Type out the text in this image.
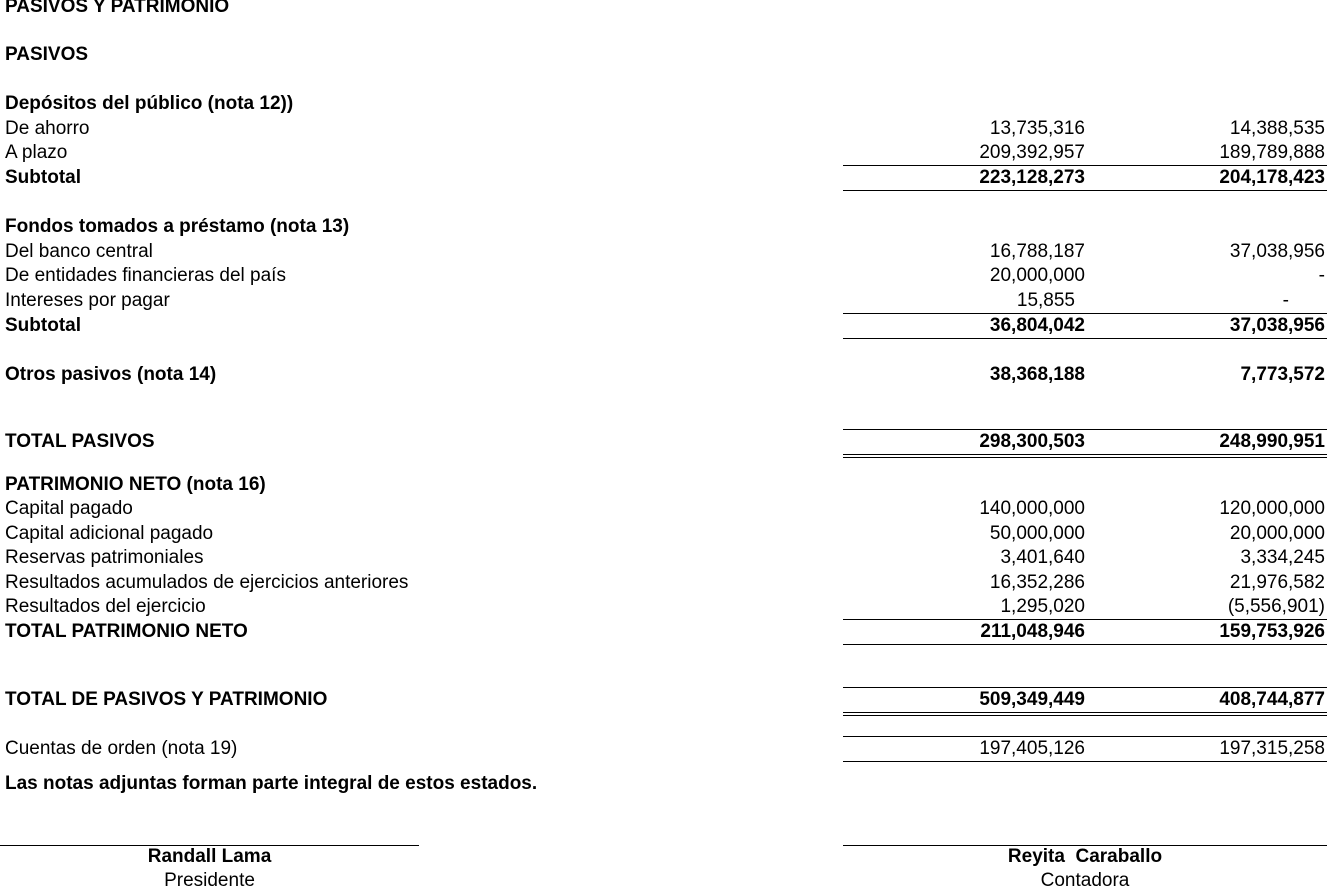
PASIVOS Y PATRIMONIO
PASIVOS
Depósitos del público (nota 12))
De ahorro	13,735,316	14,388,535
A plazo	209,392,957	189,789,888
Subtotal	223,128,273	204,178,423
Fondos tomados a préstamo (nota 13)
Del banco central	16,788,187	37,038,956
De entidades financieras del país	20,000,000	-
Intereses por pagar	15,855	-
Subtotal	36,804,042	37,038,956
Otros pasivos (nota 14)	38,368,188	7,773,572
TOTAL PASIVOS	298,300,503	248,990,951
PATRIMONIO NETO (nota 16)
Capital pagado	140,000,000	120,000,000
Capital adicional pagado	50,000,000	20,000,000
Reservas patrimoniales	3,401,640	3,334,245
Resultados acumulados de ejercicios anteriores	16,352,286	21,976,582
Resultados del ejercicio	1,295,020	(5,556,901)
TOTAL PATRIMONIO NETO	211,048,946	159,753,926
TOTAL DE PASIVOS Y PATRIMONIO	509,349,449	408,744,877
Cuentas de orden (nota 19)	197,405,126	197,315,258
Las notas adjuntas forman parte integral de estos estados.
Randall Lama
Presidente
Reyita  Caraballo
Contadora
